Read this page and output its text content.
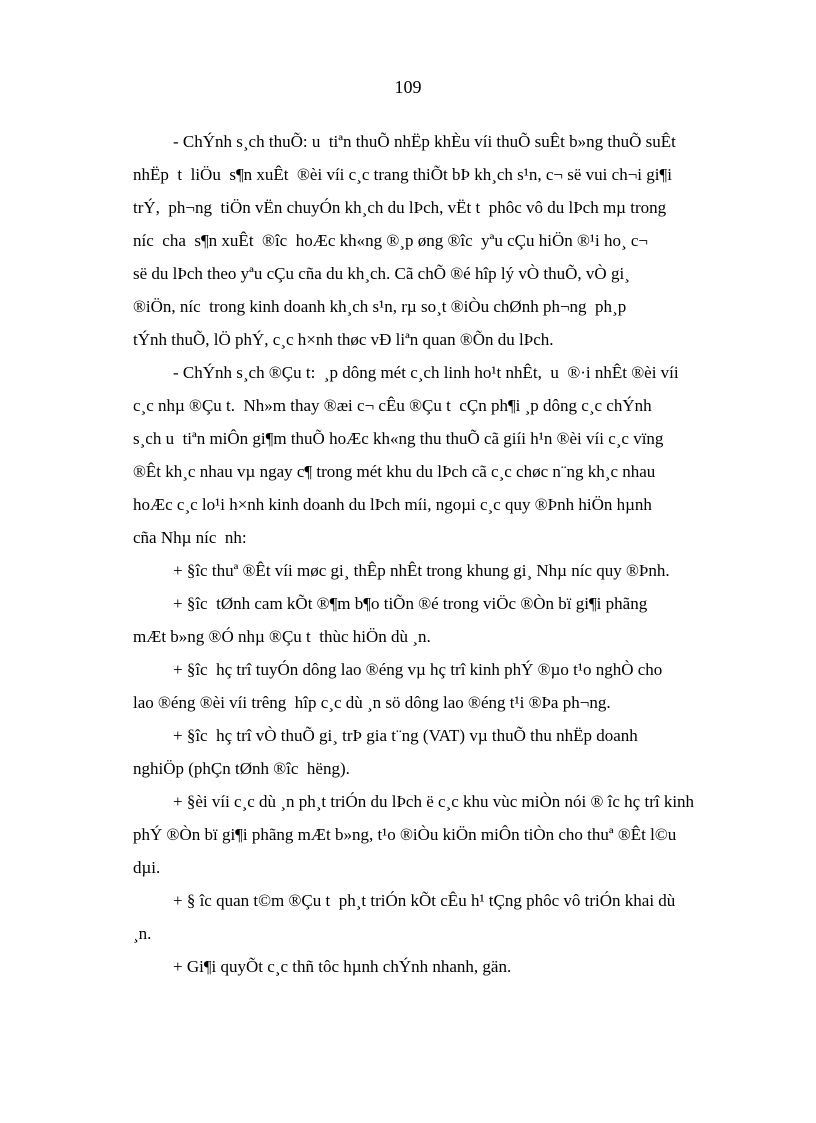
109
- ChÝnh s¸ch thuÕ: u  tiªn thuÕ nhËp khÈu víi thuÕ suÊt b»ng thuÕ suÊt
nhËp  t  liÖu  s¶n xuÊt  ®èi víi c¸c trang thiÕt bÞ kh¸ch s¹n, c¬ së vui ch¬i gi¶i
trÝ,  ph¬ng  tiÖn vËn chuyÓn kh¸ch du lÞch, vËt t  phôc vô du lÞch mµ trong
níc  cha  s¶n xuÊt  ®îc  hoÆc kh«ng ®¸p øng ®îc  yªu cÇu hiÖn ®¹i ho¸ c¬
së du lÞch theo yªu cÇu cña du kh¸ch. Cã chÕ ®é hîp lý vÒ thuÕ, vÒ gi¸
®iÖn, níc  trong kinh doanh kh¸ch s¹n, rµ so¸t ®iÒu chØnh ph¬ng  ph¸p
tÝnh thuÕ, lÖ phÝ, c¸c h×nh thøc vÐ liªn quan ®Õn du lÞch.
- ChÝnh s¸ch ®Çu t:  ¸p dông mét c¸ch linh ho¹t nhÊt,  u  ®·i nhÊt ®èi víi
c¸c nhµ ®Çu t.  Nh»m thay ®æi c¬ cÊu ®Çu t  cÇn ph¶i ¸p dông c¸c chÝnh
s¸ch u  tiªn miÔn gi¶m thuÕ hoÆc kh«ng thu thuÕ cã giíi h¹n ®èi víi c¸c vïng
®Êt kh¸c nhau vµ ngay c¶ trong mét khu du lÞch cã c¸c chøc n¨ng kh¸c nhau
hoÆc c¸c lo¹i h×nh kinh doanh du lÞch míi, ngoµi c¸c quy ®Þnh hiÖn hµnh
cña Nhµ níc  nh:
+ §îc thuª ®Êt víi møc gi¸ thÊp nhÊt trong khung gi¸ Nhµ níc quy ®Þnh.
+ §îc  tØnh cam kÕt ®¶m b¶o tiÕn ®é trong viÖc ®Òn bï gi¶i phãng
mÆt b»ng ®Ó nhµ ®Çu t  thùc hiÖn dù ¸n.
+ §îc  hç trî tuyÓn dông lao ®éng vµ hç trî kinh phÝ ®µo t¹o nghÒ cho
lao ®éng ®èi víi trêng  hîp c¸c dù ¸n sö dông lao ®éng t¹i ®Þa ph¬ng.
+ §îc  hç trî vÒ thuÕ gi¸ trÞ gia t¨ng (VAT) vµ thuÕ thu nhËp doanh
nghiÖp (phÇn tØnh ®îc  hëng).
+ §èi víi c¸c dù ¸n ph¸t triÓn du lÞch ë c¸c khu vùc miÒn nói ® îc hç trî kinh
phÝ ®Òn bï gi¶i phãng mÆt b»ng, t¹o ®iÒu kiÖn miÔn tiÒn cho thuª ®Êt l©u
dµi.
+ § îc quan t©m ®Çu t  ph¸t triÓn kÕt cÊu h¹ tÇng phôc vô triÓn khai dù
¸n.
+ Gi¶i quyÕt c¸c thñ tôc hµnh chÝnh nhanh, gän.
